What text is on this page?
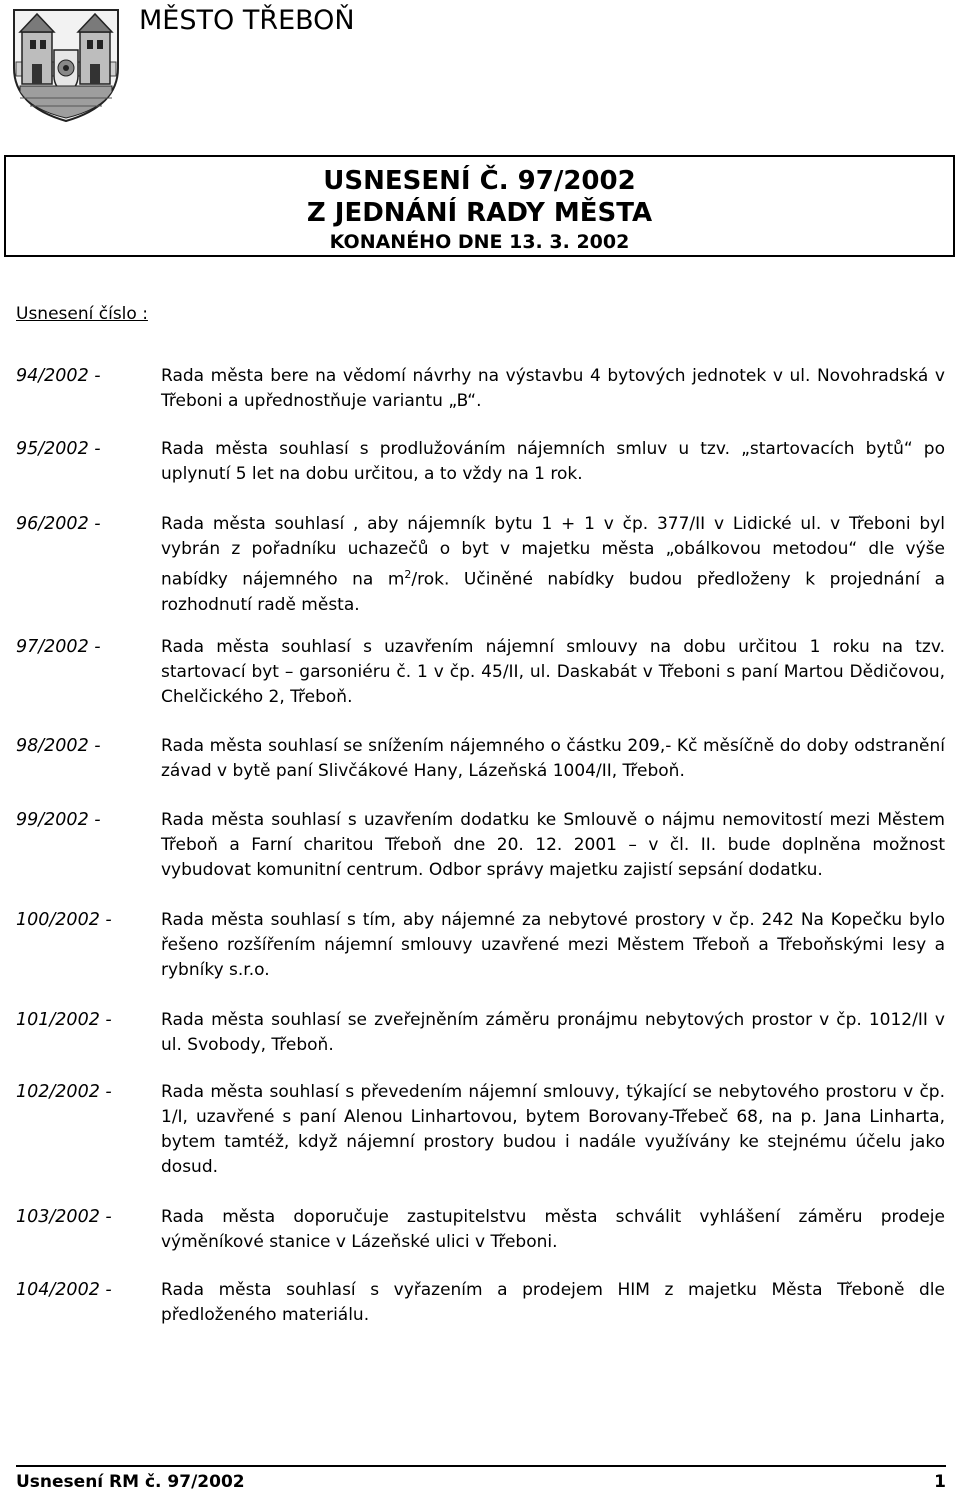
MĚSTO TŘEBOŇ
USNESENÍ Č. 97/2002
Z JEDNÁNÍ RADY MĚSTA
KONANÉHO DNE 13. 3. 2002
Usnesení číslo :
94/2002 -	Rada města bere na vědomí návrhy na výstavbu 4 bytových jednotek v ul. Novohradská v Třeboni a upřednostňuje variantu „B“.
95/2002 -	Rada města souhlasí s prodlužováním nájemních smluv u tzv. „startovacích bytů“ po uplynutí 5 let na dobu určitou, a to vždy na 1 rok.
96/2002 -	Rada města souhlasí , aby nájemník bytu 1 + 1 v čp. 377/II v Lidické ul. v Třeboni byl vybrán z pořadníku uchazečů o byt v majetku města „obálkovou metodou“ dle výše nabídky nájemného na $m^2$/rok. Učiněné nabídky budou předloženy k projednání a rozhodnutí radě města.
97/2002 -	Rada města souhlasí s uzavřením nájemní smlouvy na dobu určitou 1 roku na tzv. startovací byt – garsoniéru č. 1 v čp. 45/II, ul. Daskabát v Třeboni s paní Martou Dědičovou, Chelčického 2, Třeboň.
98/2002 -	Rada města souhlasí se snížením nájemného o částku 209,- Kč měsíčně do doby odstranění závad v bytě paní Slivčákové Hany, Lázeňská 1004/II, Třeboň.
99/2002 -	Rada města souhlasí s uzavřením dodatku ke Smlouvě o nájmu nemovitostí mezi Městem Třeboň a Farní charitou Třeboň dne 20. 12. 2001 – v čl. II. bude doplněna možnost vybudovat komunitní centrum. Odbor správy majetku zajistí sepsání dodatku.
100/2002 -	Rada města souhlasí s tím, aby nájemné za nebytové prostory v čp. 242 Na Kopečku bylo řešeno rozšířením nájemní smlouvy uzavřené mezi Městem Třeboň a Třeboňskými lesy a rybníky s.r.o.
101/2002 -	Rada města souhlasí se zveřejněním záměru pronájmu nebytových prostor v čp. 1012/II v ul. Svobody, Třeboň.
102/2002 -	Rada města souhlasí s převedením nájemní smlouvy, týkající se nebytového prostoru v čp. 1/I, uzavřené s paní Alenou Linhartovou, bytem Borovany-Třebeč 68, na p. Jana Linharta, bytem tamtéž, když nájemní prostory budou i nadále využívány ke stejnému účelu jako dosud.
103/2002 -	Rada města doporučuje zastupitelstvu města schválit vyhlášení záměru prodeje výměníkové stanice v Lázeňské ulici v Třeboni.
104/2002 -	Rada města souhlasí s vyřazením a prodejem HIM z majetku Města Třeboně dle předloženého materiálu.
Usnesení RM č. 97/2002	1
